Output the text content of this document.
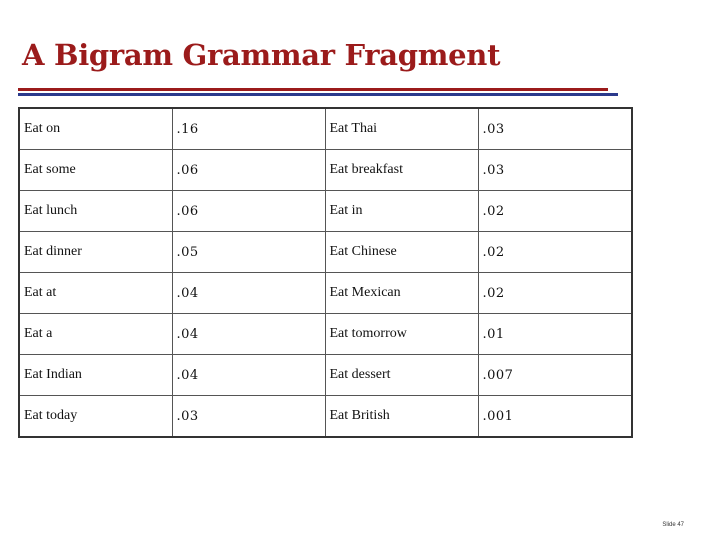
A Bigram Grammar Fragment
Eat on	.16	Eat Thai	.03
Eat some	.06	Eat breakfast	.03
Eat lunch	.06	Eat in	.02
Eat dinner	.05	Eat Chinese	.02
Eat at	.04	Eat Mexican	.02
Eat a	.04	Eat tomorrow	.01
Eat Indian	.04	Eat dessert	.007
Eat today	.03	Eat British	.001
Slide 47
